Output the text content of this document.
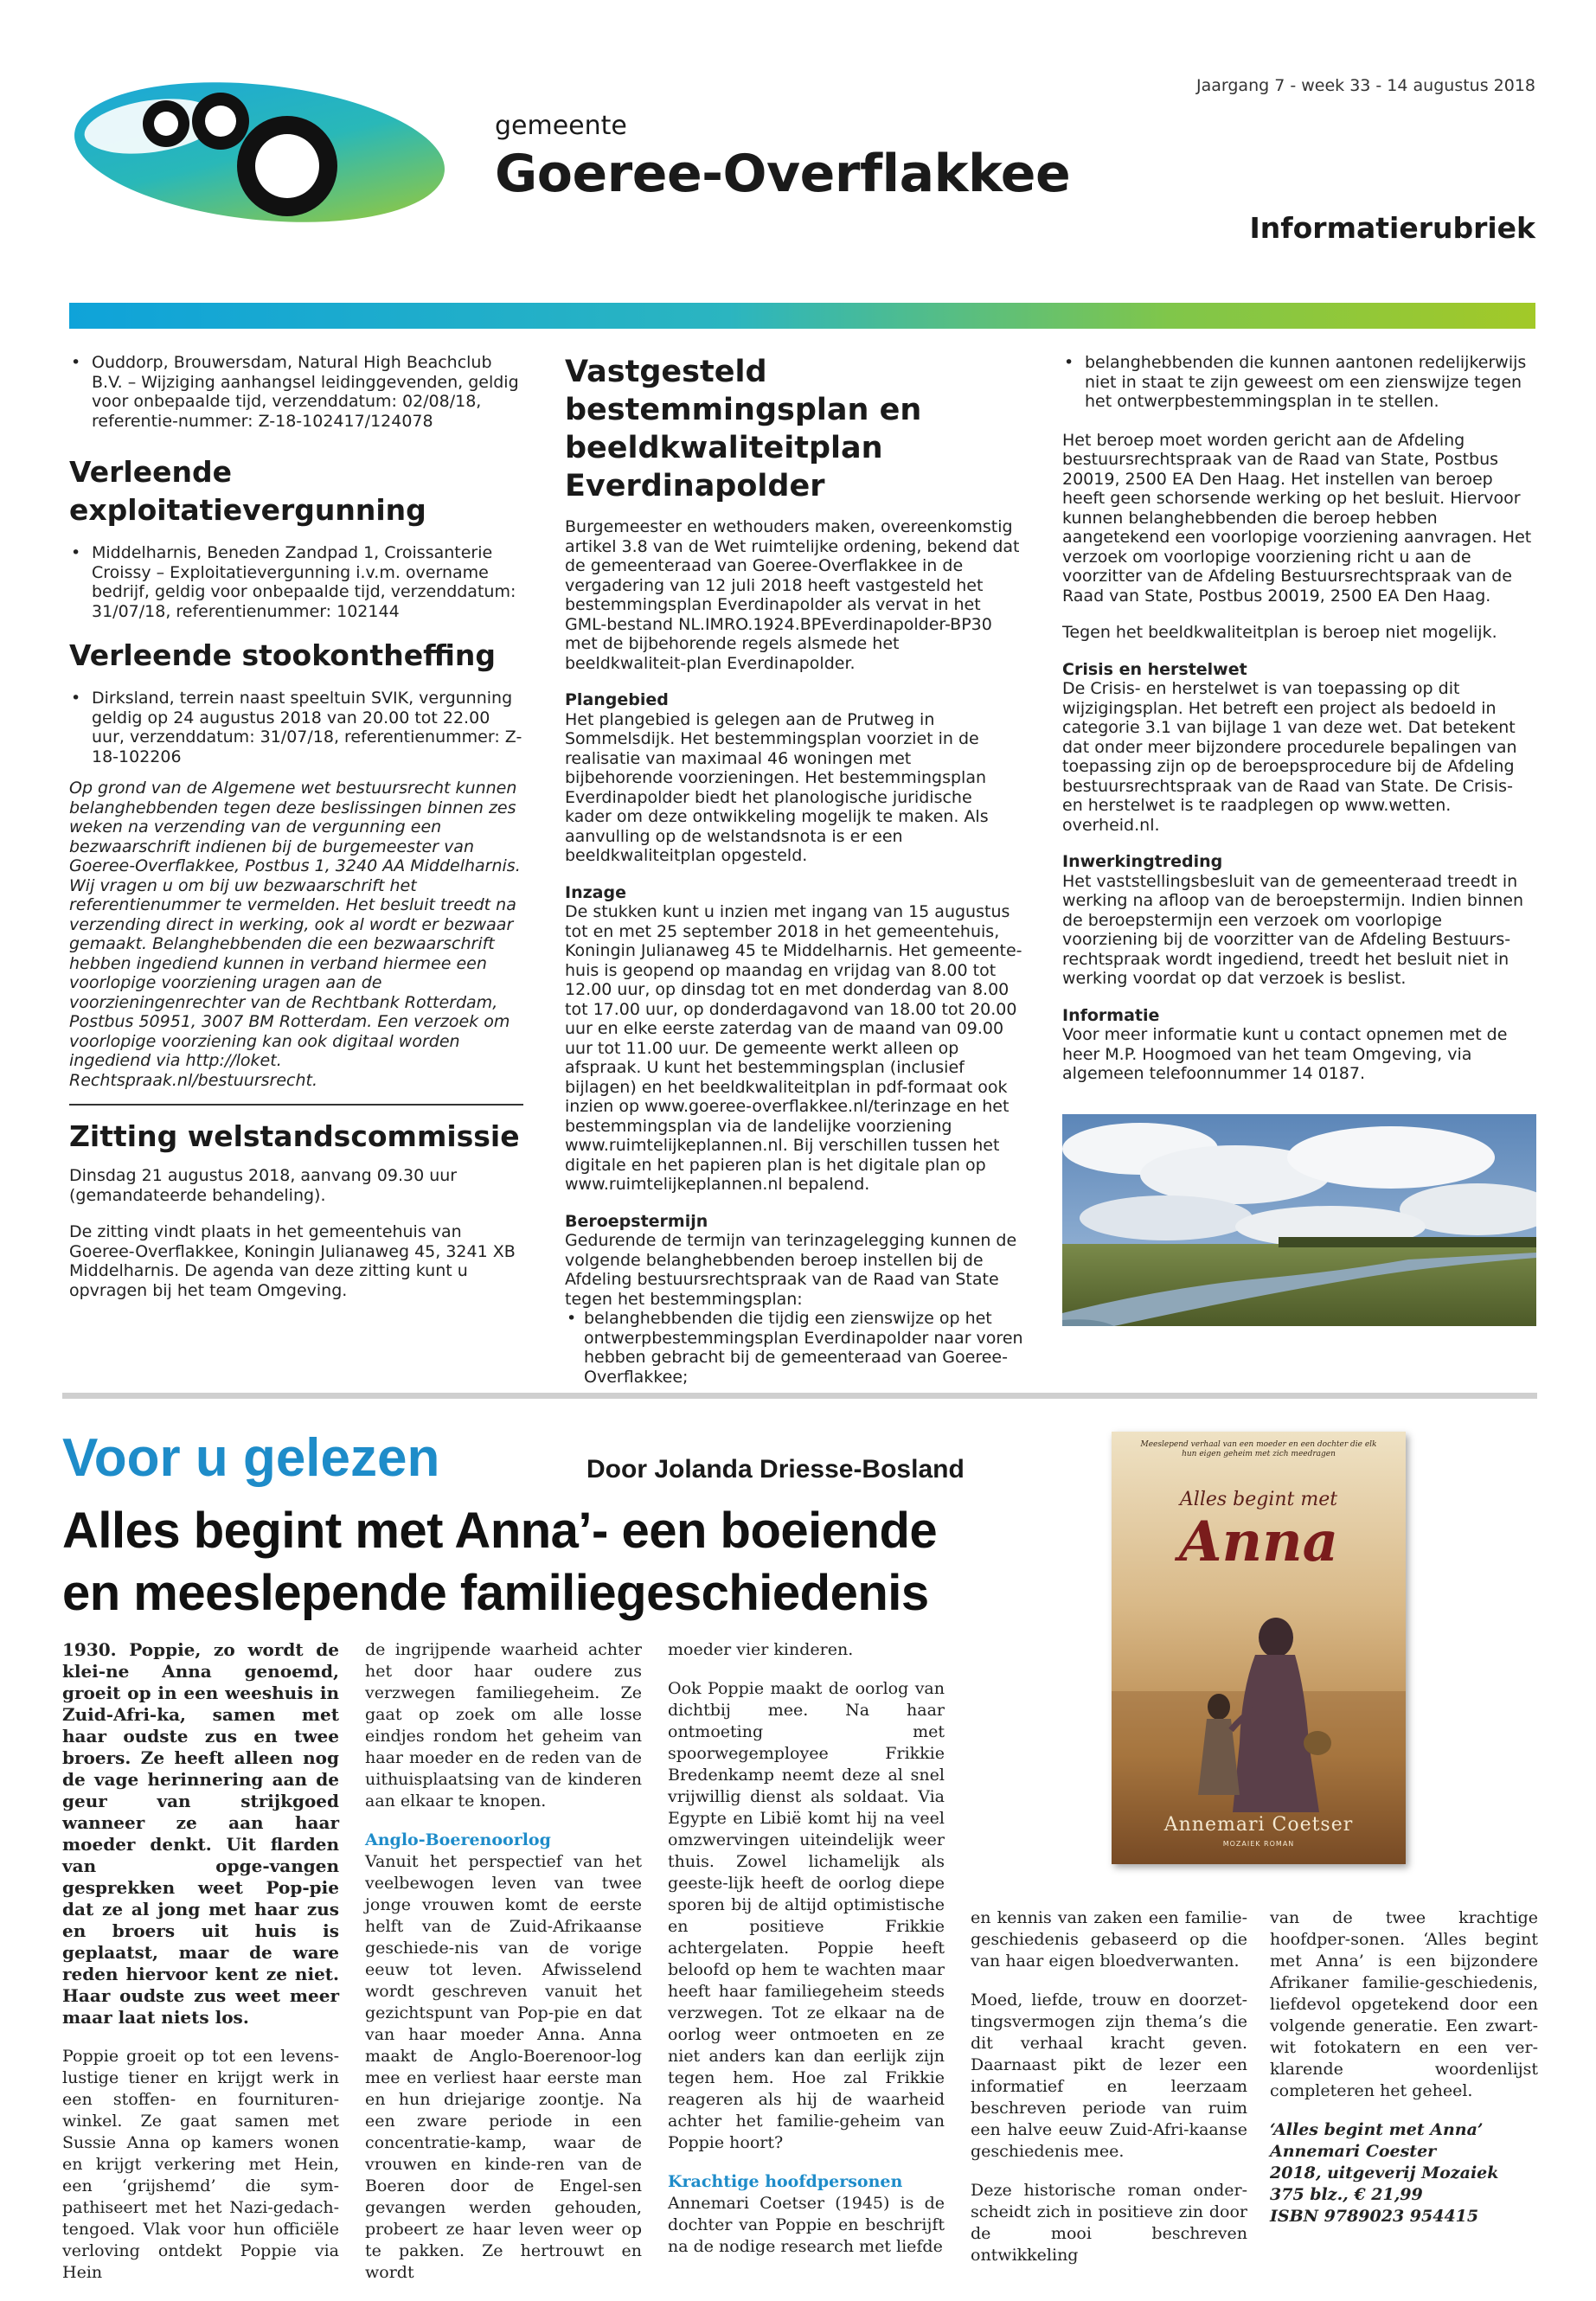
gemeente
Goeree-Overflakkee
Jaargang 7 - week 33 - 14 augustus 2018
Informatierubriek
• Ouddorp, Brouwersdam, Natural High Beachclub B.V. – Wijziging aanhangsel leidinggevenden, geldig voor onbepaalde tijd, verzenddatum: 02/08/18, referentie-nummer: Z-18-102417/124078
Verleende exploitatievergunning
• Middelharnis, Beneden Zandpad 1, Croissanterie Croissy – Exploitatievergunning i.v.m. overname bedrijf, geldig voor onbepaalde tijd, verzenddatum: 31/07/18, referentienummer: 102144
Verleende stookontheffing
• Dirksland, terrein naast speeltuin SVIK, vergunning geldig op 24 augustus 2018 van 20.00 tot 22.00 uur, verzenddatum: 31/07/18, referentienummer: Z-18-102206
Op grond van de Algemene wet bestuursrecht kunnen belanghebbenden tegen deze beslissingen binnen zes weken na verzending van de vergunning een bezwaarschrift indienen bij de burgemeester van Goeree-Overflakkee, Postbus 1, 3240 AA Middelharnis. Wij vragen u om bij uw bezwaarschrift het referentienummer te vermelden. Het besluit treedt na verzending direct in werking, ook al wordt er bezwaar gemaakt. Belanghebbenden die een bezwaarschrift hebben ingediend kunnen in verband hiermee een voorlopige voorziening uragen aan de voorzieningenrechter van de Rechtbank Rotterdam, Postbus 50951, 3007 BM Rotterdam. Een verzoek om voorlopige voorziening kan ook digitaal worden ingediend via http://loket. Rechtspraak.nl/bestuursrecht.
Zitting welstandscommissie
Dinsdag 21 augustus 2018, aanvang 09.30 uur (gemandateerde behandeling).
De zitting vindt plaats in het gemeentehuis van Goeree-Overflakkee, Koningin Julianaweg 45, 3241 XB Middelharnis. De agenda van deze zitting kunt u opvragen bij het team Omgeving.
Vastgesteld bestemmingsplan en beeldkwaliteitplan Everdinapolder
Burgemeester en wethouders maken, overeenkomstig artikel 3.8 van de Wet ruimtelijke ordening, bekend dat de gemeenteraad van Goeree-Overflakkee in de vergadering van 12 juli 2018 heeft vastgesteld het bestemmingsplan Everdinapolder als vervat in het GML-bestand NL.IMRO.1924.BPEverdinapolder-BP30 met de bijbehorende regels alsmede het beeldkwaliteit-plan Everdinapolder.
Plangebied
Het plangebied is gelegen aan de Prutweg in Sommelsdijk. Het bestemmingsplan voorziet in de realisatie van maximaal 46 woningen met bijbehorende voorzieningen. Het bestemmingsplan Everdinapolder biedt het planologische juridische kader om deze ontwikkeling mogelijk te maken. Als aanvulling op de welstandsnota is er een beeldkwaliteitplan opgesteld.
Inzage
De stukken kunt u inzien met ingang van 15 augustus tot en met 25 september 2018 in het gemeentehuis, Koningin Julianaweg 45 te Middelharnis. Het gemeente-huis is geopend op maandag en vrijdag van 8.00 tot 12.00 uur, op dinsdag tot en met donderdag van 8.00 tot 17.00 uur, op donderdagavond van 18.00 tot 20.00 uur en elke eerste zaterdag van de maand van 09.00 uur tot 11.00 uur. De gemeente werkt alleen op afspraak. U kunt het bestemmingsplan (inclusief bijlagen) en het beeldkwaliteitplan in pdf-formaat ook inzien op www.goeree-overflakkee.nl/terinzage en het bestemmingsplan via de landelijke voorziening www.ruimtelijkeplannen.nl. Bij verschillen tussen het digitale en het papieren plan is het digitale plan op www.ruimtelijkeplannen.nl bepalend.
Beroepstermijn
Gedurende de termijn van terinzagelegging kunnen de volgende belanghebbenden beroep instellen bij de Afdeling bestuursrechtspraak van de Raad van State tegen het bestemmingsplan:
• belanghebbenden die tijdig een zienswijze op het ontwerpbestemmingsplan Everdinapolder naar voren hebben gebracht bij de gemeenteraad van Goeree-Overflakkee;
• belanghebbenden die kunnen aantonen redelijkerwijs niet in staat te zijn geweest om een zienswijze tegen het ontwerpbestemmingsplan in te stellen.
Het beroep moet worden gericht aan de Afdeling bestuursrechtspraak van de Raad van State, Postbus 20019, 2500 EA Den Haag. Het instellen van beroep heeft geen schorsende werking op het besluit. Hiervoor kunnen belanghebbenden die beroep hebben aangetekend een voorlopige voorziening aanvragen. Het verzoek om voorlopige voorziening richt u aan de voorzitter van de Afdeling Bestuursrechtspraak van de Raad van State, Postbus 20019, 2500 EA Den Haag.
Tegen het beeldkwaliteitplan is beroep niet mogelijk.
Crisis en herstelwet
De Crisis- en herstelwet is van toepassing op dit wijzigingsplan. Het betreft een project als bedoeld in categorie 3.1 van bijlage 1 van deze wet. Dat betekent dat onder meer bijzondere procedurele bepalingen van toepassing zijn op de beroepsprocedure bij de Afdeling bestuursrechtspraak van de Raad van State. De Crisis- en herstelwet is te raadplegen op www.wetten. overheid.nl.
Inwerkingtreding
Het vaststellingsbesluit van de gemeenteraad treedt in werking na afloop van de beroepstermijn. Indien binnen de beroepstermijn een verzoek om voorlopige voorziening bij de voorzitter van de Afdeling Bestuurs-rechtspraak wordt ingediend, treedt het besluit niet in werking voordat op dat verzoek is beslist.
Informatie
Voor meer informatie kunt u contact opnemen met de heer M.P. Hoogmoed van het team Omgeving, via algemeen telefoonnummer 14 0187.
Voor u gelezen	Door Jolanda Driesse-Bosland
Alles begint met Anna’- een boeiende en meeslepende familiegeschiedenis
1930. Poppie, zo wordt de klei-ne Anna genoemd, groeit op in een weeshuis in Zuid-Afri-ka, samen met haar oudste zus en twee broers. Ze heeft alleen nog de vage herinnering aan de geur van strijkgoed wanneer ze aan haar moeder denkt. Uit flarden van opge-vangen gesprekken weet Pop-pie dat ze al jong met haar zus en broers uit huis is geplaatst, maar de ware reden hiervoor kent ze niet. Haar oudste zus weet meer maar laat niets los.
Poppie groeit op tot een levens-lustige tiener en krijgt werk in een stoffen- en fourniturenwinkel. Ze gaat samen met Sussie Anna op kamers wonen en krijgt verkering met Hein, een ‘grijshemd’ die sym-pathiseert met het Nazi-gedach-tengoed. Vlak voor hun officiële verloving ontdekt Poppie via Hein
de ingrijpende waarheid achter het door haar oudere zus verzwegen familiegeheim. Ze gaat op zoek om alle losse eindjes rondom het geheim van haar moeder en de reden van de uithuisplaatsing van de kinderen aan elkaar te knopen.
Anglo-Boerenoorlog
Vanuit het perspectief van het veelbewogen leven van twee jonge vrouwen komt de eerste helft van de Zuid-Afrikaanse geschiede-nis van de vorige eeuw tot leven. Afwisselend wordt geschreven vanuit het gezichtspunt van Pop-pie en dat van haar moeder Anna. Anna maakt de Anglo-Boerenoor-log mee en verliest haar eerste man en hun driejarige zoontje. Na een zware periode in een concentratie-kamp, waar de vrouwen en kinde-ren van de Boeren door de Engel-sen gevangen werden gehouden, probeert ze haar leven weer op te pakken. Ze hertrouwt en wordt
moeder vier kinderen.
Ook Poppie maakt de oorlog van dichtbij mee. Na haar ontmoeting met spoorwegemployee Frikkie Bredenkamp neemt deze al snel vrijwillig dienst als soldaat. Via Egypte en Libië komt hij na veel omzwervingen uiteindelijk weer thuis. Zowel lichamelijk als geeste-lijk heeft de oorlog diepe sporen bij de altijd optimistische en positieve Frikkie achtergelaten. Poppie heeft beloofd op hem te wachten maar heeft haar familiegeheim steeds verzwegen. Tot ze elkaar na de oorlog weer ontmoeten en ze niet anders kan dan eerlijk zijn tegen hem. Hoe zal Frikkie reageren als hij de waarheid achter het familie-geheim van Poppie hoort?
Krachtige hoofdpersonen
Annemari Coetser (1945) is de dochter van Poppie en beschrijft na de nodige research met liefde
en kennis van zaken een familie-geschiedenis gebaseerd op die van haar eigen bloedverwanten.
Moed, liefde, trouw en doorzet-tingsvermogen zijn thema’s die dit verhaal kracht geven. Daarnaast pikt de lezer een informatief en leerzaam beschreven periode van ruim een halve eeuw Zuid-Afri-kaanse geschiedenis mee.
Deze historische roman onder-scheidt zich in positieve zin door de mooi beschreven ontwikkeling
van de twee krachtige hoofdper-sonen. ‘Alles begint met Anna’ is een bijzondere Afrikaner familie-geschiedenis, liefdevol opgetekend door een volgende generatie. Een zwart-wit fotokatern en een ver-klarende woordenlijst completeren het geheel.
‘Alles begint met Anna’
Annemari Coester
2018, uitgeverij Mozaiek
375 blz., € 21,99
ISBN 9789023 954415
Meeslepend verhaal van een moeder en een dochter die elk hun eigen geheim met zich meedragen
Alles begint met
Anna
Annemari Coetser
MOZAIEK ROMAN
